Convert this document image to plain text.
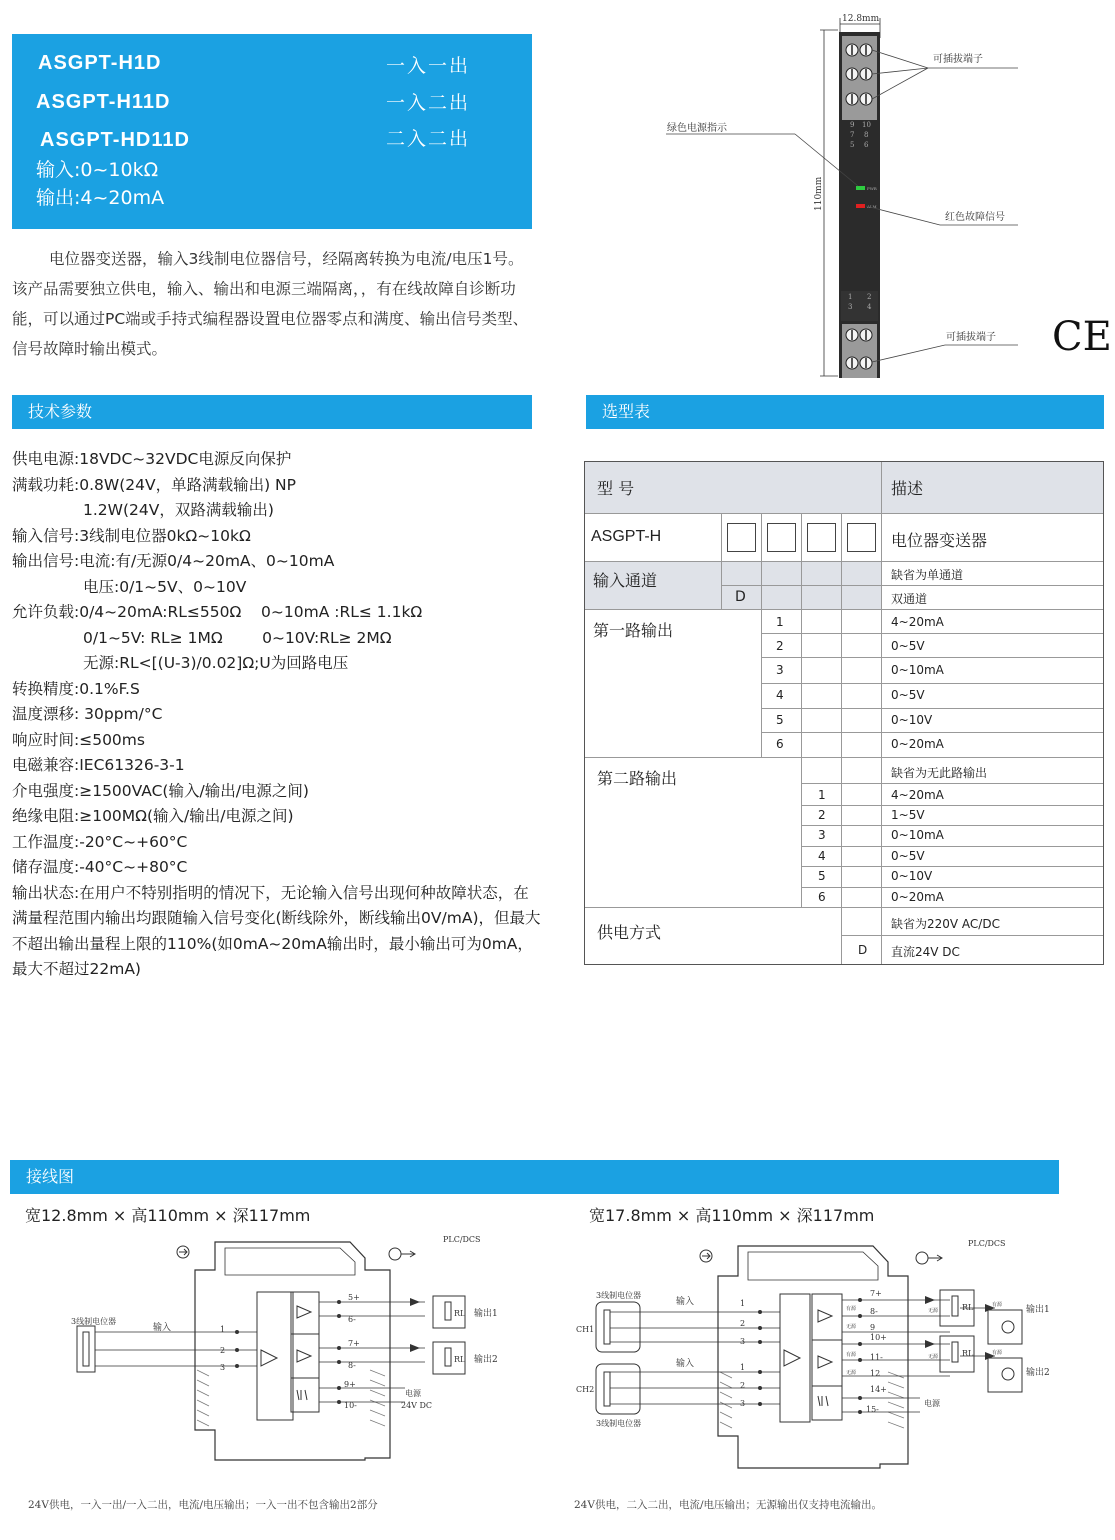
ASGPT-H1D
ASGPT-H11D
ASGPT-HD11D
一入一出
一入二出
二入二出
输入:0~10kΩ
输出:4~20mA

电位器变送器，输入3线制电位器信号，经隔离转换为电流/电压1号。该产品需要独立供电，输入、输出和电源三端隔离，，有在线故障自诊断功能，可以通过PC端或手持式编程器设置电位器零点和满度、输出信号类型、信号故障时输出模式。

12.8mm
110mm
9 10
7 8
5 6
PWR
ALM
1 2
3 4
可插拔端子
绿色电源指示
红色故障信号
可插拔端子 CE
技术参数	选型表
供电电源:18VDC~32VDC电源反向保护
满载功耗:0.8W(24V，单路满载输出) NP
1.2W(24V，双路满载输出)
输入信号:3线制电位器0kΩ~10kΩ
输出信号:电流:有/无源0/4~20mA、0~10mA
电压:0/1~5V、0~10V
允许负载:0/4~20mA:RL≤550Ω    0~10mA :RL≤ 1.1kΩ
0/1~5V: RL≥ 1MΩ        0~10V:RL≥ 2MΩ
无源:RL<[(U-3)/0.02]Ω;U为回路电压
转换精度:0.1%F.S
温度漂移: 30ppm/°C
响应时间:≤500ms
电磁兼容:IEC61326-3-1
介电强度:≥1500VAC(输入/输出/电源之间)
绝缘电阻:≥100MΩ(输入/输出/电源之间)
工作温度:-20°C~+60°C
储存温度:-40°C~+80°C
输出状态:在用户不特别指明的情况下，无论输入信号出现何种故障状态，在满量程范围内输出均跟随输入信号变化(断线除外，断线输出0V/mA)，但最大不超出输出量程上限的110%(如0mA~20mA输出时，最小输出可为0mA，最大不超过22mA)
型 号	描述
ASGPT-H	电位器变送器
输入通道	缺省为单通道
D	双通道
第一路输出	1	4~20mA
2	0~5V
3	0~10mA
4	0~5V
5	0~10V
6	0~20mA
第二路输出	缺省为无此路输出
1	4~20mA
2	1~5V
3	0~10mA
4	0~5V
5	0~10V
6	0~20mA
供电方式	缺省为220V AC/DC
D 直流24V DC
接线图
宽12.8mm × 高110mm × 深117mm	宽17.8mm × 高110mm × 深117mm
PLC/DCS
3线制电位器
输入	1
2
3
5+
6-
7+
8-
9+
10-
RL
RL
输出1
输出2
电源
24V DC
24V供电，一入一出/一入二出，电流/电压输出；一入一出不包含输出2部分
PLC/DCS
3线制电位器
3线制电位器
输入
输入
CH1
CH2
1
2
3
1
2
3
7+
8-
9
10+
11-
12
14+
15-
有源
无源
有源
无源
无源
无源
有源
有源
RL
RL
输出1
输出2
电源
24V供电，二入二出，电流/电压输出；无源输出仅支持电流输出。
